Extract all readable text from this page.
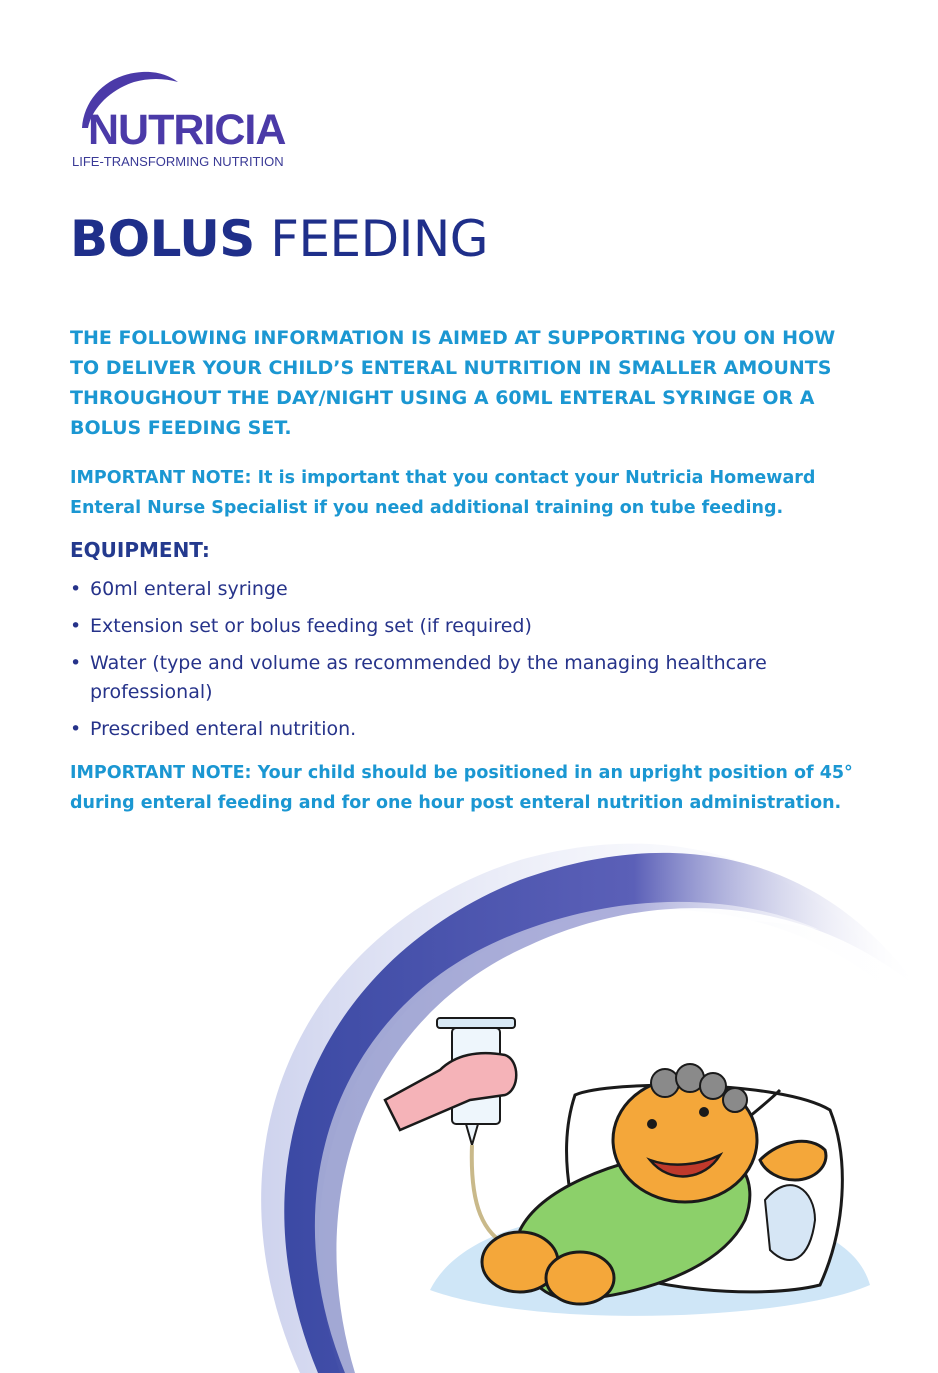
NUTRICIA
LIFE-TRANSFORMING NUTRITION
BOLUS FEEDING

THE FOLLOWING INFORMATION IS AIMED AT SUPPORTING YOU ON HOW TO DELIVER YOUR CHILD’S ENTERAL NUTRITION IN SMALLER AMOUNTS THROUGHOUT THE DAY/NIGHT USING A 60ML ENTERAL SYRINGE OR A BOLUS FEEDING SET.

IMPORTANT NOTE: It is important that you contact your Nutricia Homeward Enteral Nurse Specialist if you need additional training on tube feeding.

EQUIPMENT:
• 60ml enteral syringe
• Extension set or bolus feeding set (if required)
• Water (type and volume as recommended by the managing healthcare professional)
• Prescribed enteral nutrition.

IMPORTANT NOTE: Your child should be positioned in an upright position of 45° during enteral feeding and for one hour post enteral nutrition administration.
